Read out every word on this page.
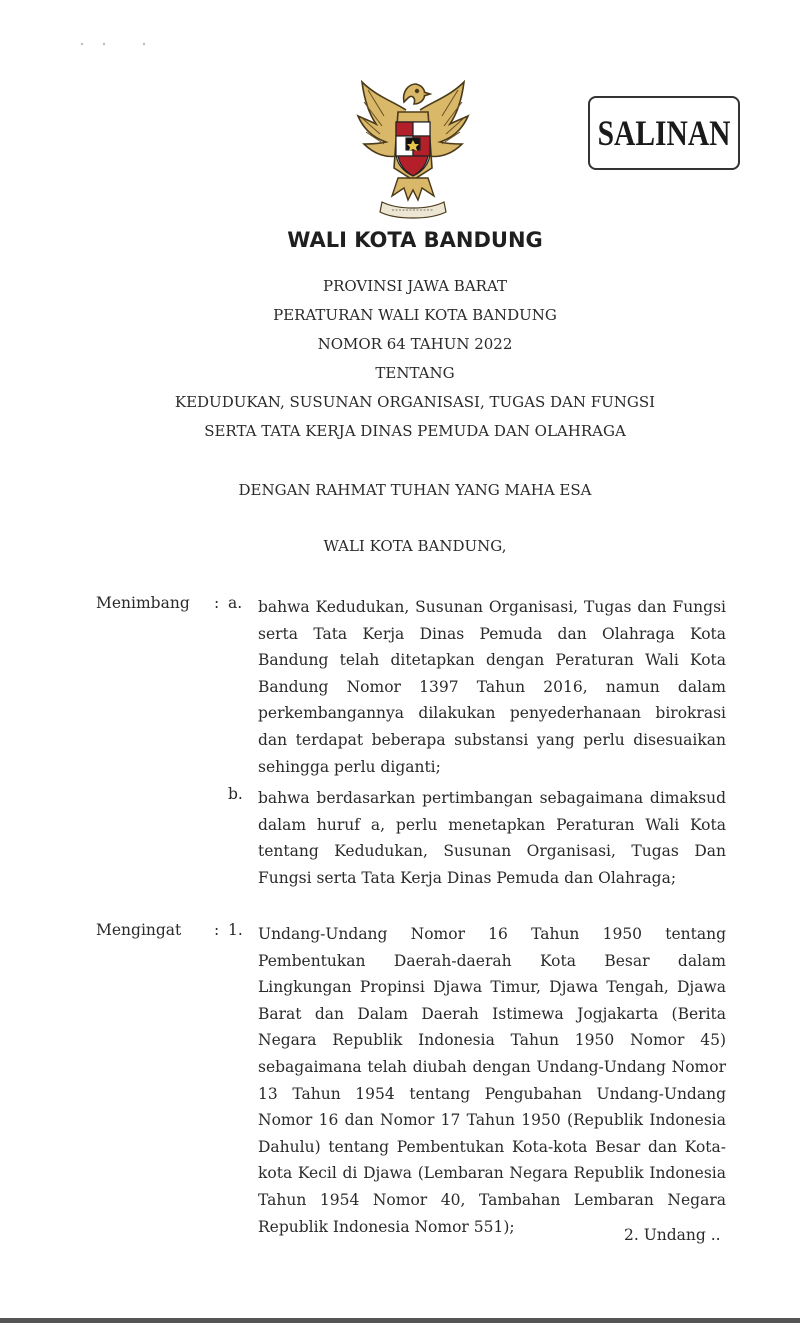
SALINAN
WALI KOTA BANDUNG
PROVINSI JAWA BARAT
PERATURAN WALI KOTA BANDUNG
NOMOR 64 TAHUN 2022
TENTANG
KEDUDUKAN, SUSUNAN ORGANISASI, TUGAS DAN FUNGSI
SERTA TATA KERJA DINAS PEMUDA DAN OLAHRAGA
DENGAN RAHMAT TUHAN YANG MAHA ESA
WALI KOTA BANDUNG,
Menimbang : a. bahwa Kedudukan, Susunan Organisasi, Tugas dan Fungsi serta Tata Kerja Dinas Pemuda dan Olahraga Kota Bandung telah ditetapkan dengan Peraturan Wali Kota Bandung Nomor 1397 Tahun 2016, namun dalam perkembangannya dilakukan penyederhanaan birokrasi dan terdapat beberapa substansi yang perlu disesuaikan sehingga perlu diganti;
b. bahwa berdasarkan pertimbangan sebagaimana dimaksud dalam huruf a, perlu menetapkan Peraturan Wali Kota tentang Kedudukan, Susunan Organisasi, Tugas Dan Fungsi serta Tata Kerja Dinas Pemuda dan Olahraga;
Mengingat : 1. Undang-Undang Nomor 16 Tahun 1950 tentang Pembentukan Daerah-daerah Kota Besar dalam Lingkungan Propinsi Djawa Timur, Djawa Tengah, Djawa Barat dan Dalam Daerah Istimewa Jogjakarta (Berita Negara Republik Indonesia Tahun 1950 Nomor 45) sebagaimana telah diubah dengan Undang-Undang Nomor 13 Tahun 1954 tentang Pengubahan Undang-Undang Nomor 16 dan Nomor 17 Tahun 1950 (Republik Indonesia Dahulu) tentang Pembentukan Kota-kota Besar dan Kota-kota Kecil di Djawa (Lembaran Negara Republik Indonesia Tahun 1954 Nomor 40, Tambahan Lembaran Negara Republik Indonesia Nomor 551);	2. Undang ..
